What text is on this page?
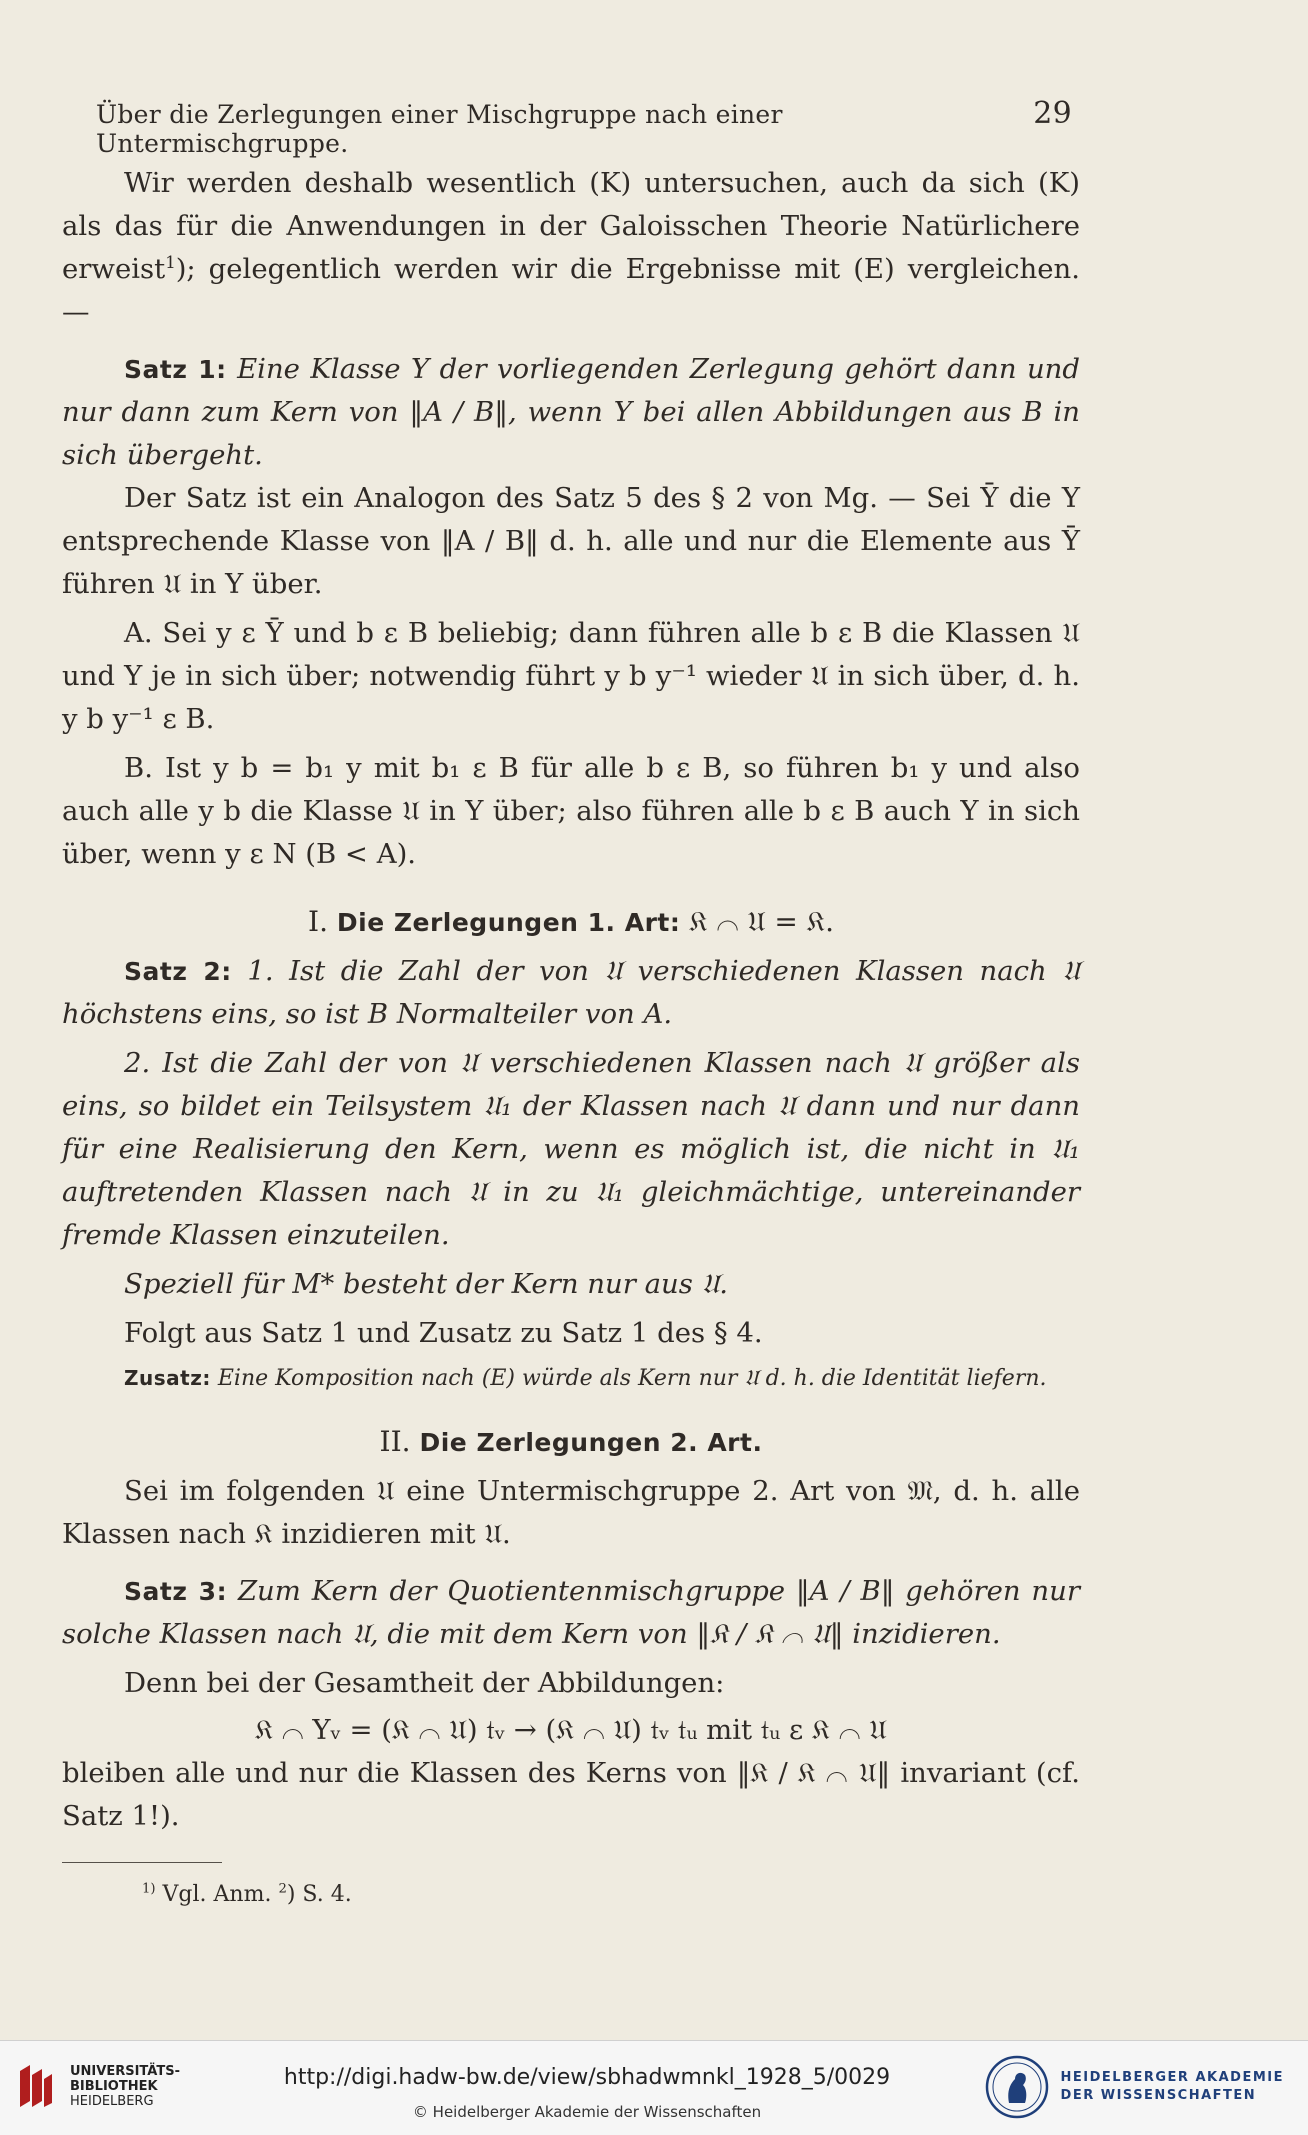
Über die Zerlegungen einer Mischgruppe nach einer Untermischgruppe.
29

Wir werden deshalb wesentlich (K) untersuchen, auch da sich (K) als das für die Anwendungen in der Galoisschen Theorie Natürlichere erweist$^1$); gelegentlich werden wir die Ergebnisse mit (E) vergleichen. —

Satz 1: Eine Klasse Y der vorliegenden Zerlegung gehört dann und nur dann zum Kern von ‖A / B‖, wenn Y bei allen Abbildungen aus B in sich übergeht.

Der Satz ist ein Analogon des Satz 5 des § 2 von Mg. — Sei Ȳ die Y entsprechende Klasse von ‖A / B‖ d. h. alle und nur die Elemente aus Ȳ führen 𝔘 in Y über.

A. Sei y ε Ȳ und b ε B beliebig; dann führen alle b ε B die Klassen 𝔘 und Y je in sich über; notwendig führt y b y⁻¹ wieder 𝔘 in sich über, d. h. y b y⁻¹ ε B.

B. Ist y b = b₁ y mit b₁ ε B für alle b ε B, so führen b₁ y und also auch alle y b die Klasse 𝔘 in Y über; also führen alle b ε B auch Y in sich über, wenn y ε N (B < A).

I. Die Zerlegungen 1. Art: 𝔎 ⌒ 𝔘 = 𝔎.

Satz 2: 1. Ist die Zahl der von 𝔘 verschiedenen Klassen nach 𝔘 höchstens eins, so ist B Normalteiler von A.

2. Ist die Zahl der von 𝔘 verschiedenen Klassen nach 𝔘 größer als eins, so bildet ein Teilsystem 𝔘₁ der Klassen nach 𝔘 dann und nur dann für eine Realisierung den Kern, wenn es möglich ist, die nicht in 𝔘₁ auftretenden Klassen nach 𝔘 in zu 𝔘₁ gleichmächtige, untereinander fremde Klassen einzuteilen.

Speziell für M* besteht der Kern nur aus 𝔘.

Folgt aus Satz 1 und Zusatz zu Satz 1 des § 4.

Zusatz: Eine Komposition nach (E) würde als Kern nur 𝔘 d. h. die Identität liefern.

II. Die Zerlegungen 2. Art.

Sei im folgenden 𝔘 eine Untermischgruppe 2. Art von 𝔐, d. h. alle Klassen nach 𝔎 inzidieren mit 𝔘.

Satz 3: Zum Kern der Quotientenmischgruppe ‖A / B‖ gehören nur solche Klassen nach 𝔘, die mit dem Kern von ‖𝔎 / 𝔎 ⌒ 𝔘‖ inzidieren.

Denn bei der Gesamtheit der Abbildungen:

𝔎 ⌒ Yᵥ = (𝔎 ⌒ 𝔘) 𝔱ᵥ → (𝔎 ⌒ 𝔘) 𝔱ᵥ 𝔱ᵤ mit 𝔱ᵤ ε 𝔎 ⌒ 𝔘

bleiben alle und nur die Klassen des Kerns von ‖𝔎 / 𝔎 ⌒ 𝔘‖ invariant (cf. Satz 1!).

$^{1)}$ Vgl. Anm. $^2$) S. 4.

UNIVERSITÄTS-
BIBLIOTHEK
HEIDELBERG
http://digi.hadw-bw.de/view/sbhadwmnkl_1928_5/0029
© Heidelberger Akademie der Wissenschaften
HEIDELBERGER AKADEMIE
DER WISSENSCHAFTEN
